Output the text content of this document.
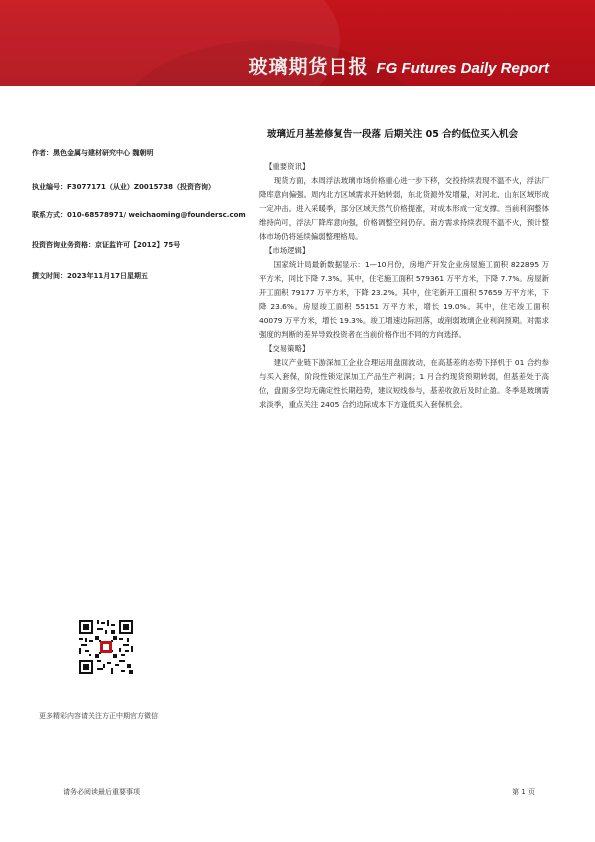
玻璃期货日报 FG Futures Daily Report
玻璃近月基差修复告一段落 后期关注 05 合约低位买入机会
作者：黑色金属与建材研究中心 魏朝明
执业编号：F3077171（从业）Z0015738（投资咨询）
联系方式：010-68578971/ weichaoming@foundersc.com
投资咨询业务资格：京证监许可【2012】75号
撰文时间：2023年11月17日星期五
【重要资讯】
现货方面，本周浮法玻璃市场价格重心进一步下移，交投持续表现不温不火，浮法厂降库意向偏强。周内北方区域需求开始转弱，东北货源外发增量，对河北、山东区域形成一定冲击。进入采暖季，部分区域天然气价格提涨，对成本形成一定支撑。当前利润整体维持尚可，浮法厂降库意向强，价格调整空间仍存。南方需求持续表现不温不火，预计整体市场仍将延续偏弱整理格局。
【市场逻辑】
国家统计局最新数据显示：1—10月份，房地产开发企业房屋施工面积 822895 万平方米，同比下降 7.3%。其中，住宅施工面积 579361 万平方米，下降 7.7%。房屋新开工面积 79177 万平方米，下降 23.2%。其中，住宅新开工面积 57659 万平方米，下降 23.6%。房屋竣工面积 55151 万平方米，增长 19.0%。其中，住宅竣工面积 40079 万平方米，增长 19.3%。竣工增速边际回落，或削弱玻璃企业利润预期。对需求强度的判断的差异导致投资者在当前价格作出不同的方向选择。
【交易策略】
建议产业链下游深加工企业合理运用盘面波动，在高基差的态势下择机于 01 合约参与买入套保，阶段性锁定深加工产品生产利润；1 月合约现货预期转弱，但基差处于高位，盘面多空均无确定性长期趋势，建议短线参与，基差收敛后及时止盈。冬季是玻璃需求淡季，重点关注 2405 合约边际成本下方逢低买入套保机会。
更多精彩内容请关注方正中期官方微信
请务必阅读最后重要事项	第 1 页
